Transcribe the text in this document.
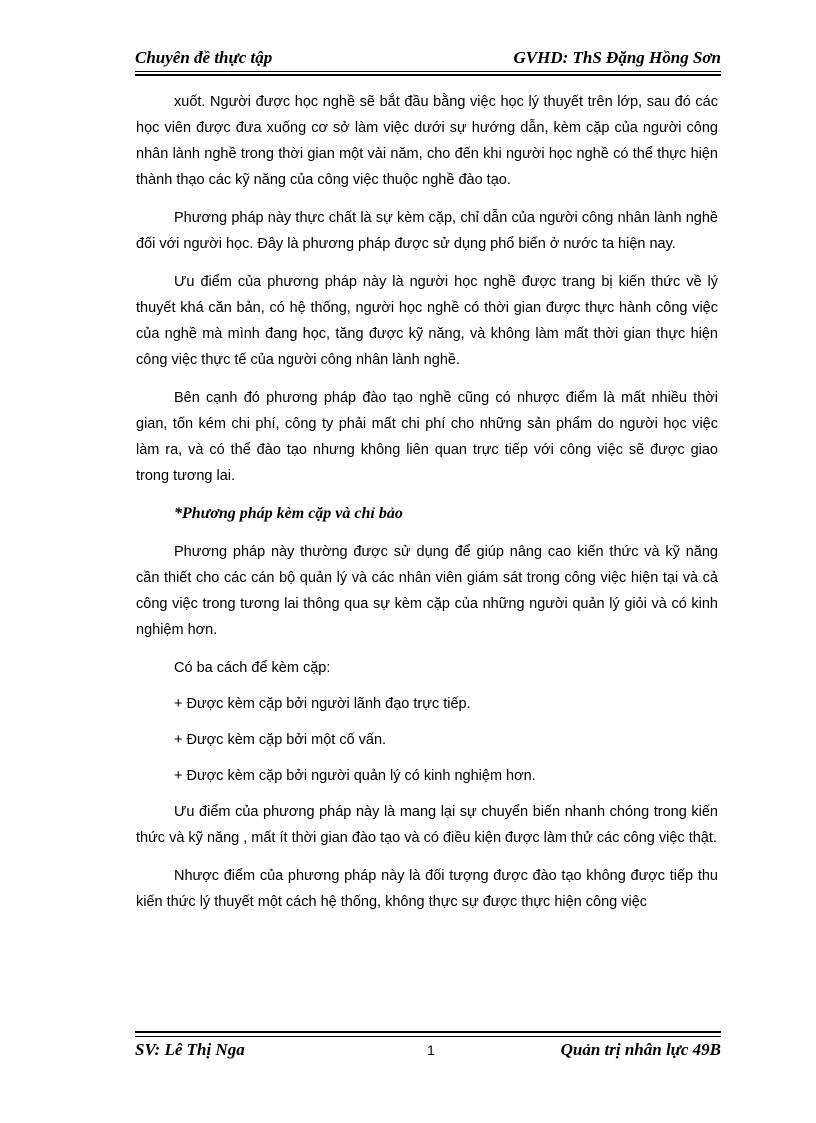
Chuyên đề thực tập	GVHD: ThS Đặng Hồng Sơn

xuốt. Người được học nghề sẽ bắt đầu bằng việc học lý thuyết trên lớp, sau đó các học viên được đưa xuống cơ sở làm việc dưới sự hướng dẫn, kèm cặp của người công nhân lành nghề trong thời gian một vài năm, cho đến khi người học nghề có thể thực hiện thành thạo các kỹ năng của công việc thuộc nghề đào tạo.

Phương pháp này thực chất là sự kèm cặp, chỉ dẫn của người công nhân lành nghề đối với người học. Đây là phương pháp được sử dụng phổ biến ở nước ta hiện nay.

Ưu điểm của phương pháp này là người học nghề được trang bị kiến thức về lý thuyết khá căn bản, có hệ thống, người học nghề có thời gian được thực hành công việc của nghề mà mình đang học, tăng được kỹ năng, và không làm mất thời gian thực hiện công việc thực tế của người công nhân lành nghề.

Bên cạnh đó phương pháp đào tạo nghề cũng có nhược điểm là mất nhiều thời gian, tốn kém chi phí, công ty phải mất chi phí cho những sản phẩm do người học việc làm ra, và có thể đào tạo nhưng không liên quan trực tiếp với công việc sẽ được giao trong tương lai.

*Phương pháp kèm cặp và chỉ bảo

Phương pháp này thường được sử dụng để giúp nâng cao kiến thức và kỹ năng cần thiết cho các cán bộ quản lý và các nhân viên giám sát trong công việc hiện tại và cả công việc trong tương lai thông qua sự kèm cặp của những người quản lý giỏi và có kinh nghiệm hơn.

Có ba cách để kèm cặp:

+ Được kèm cặp bởi người lãnh đạo trực tiếp.

+ Được kèm cặp bởi một cố vấn.

+ Được kèm cặp bởi người quản lý có kinh nghiệm hơn.

Ưu điểm của phương pháp này là mang lại sự chuyển biến nhanh chóng trong kiến thức và kỹ năng , mất ít thời gian đào tạo và có điều kiện được làm thử các công việc thật.

Nhược điểm của phương pháp này là đối tượng được đào tạo không được tiếp thu kiến thức lý thuyết một cách hệ thống, không thực sự được thực hiện công việc

SV: Lê Thị Nga	1	Quản trị nhân lực 49B
